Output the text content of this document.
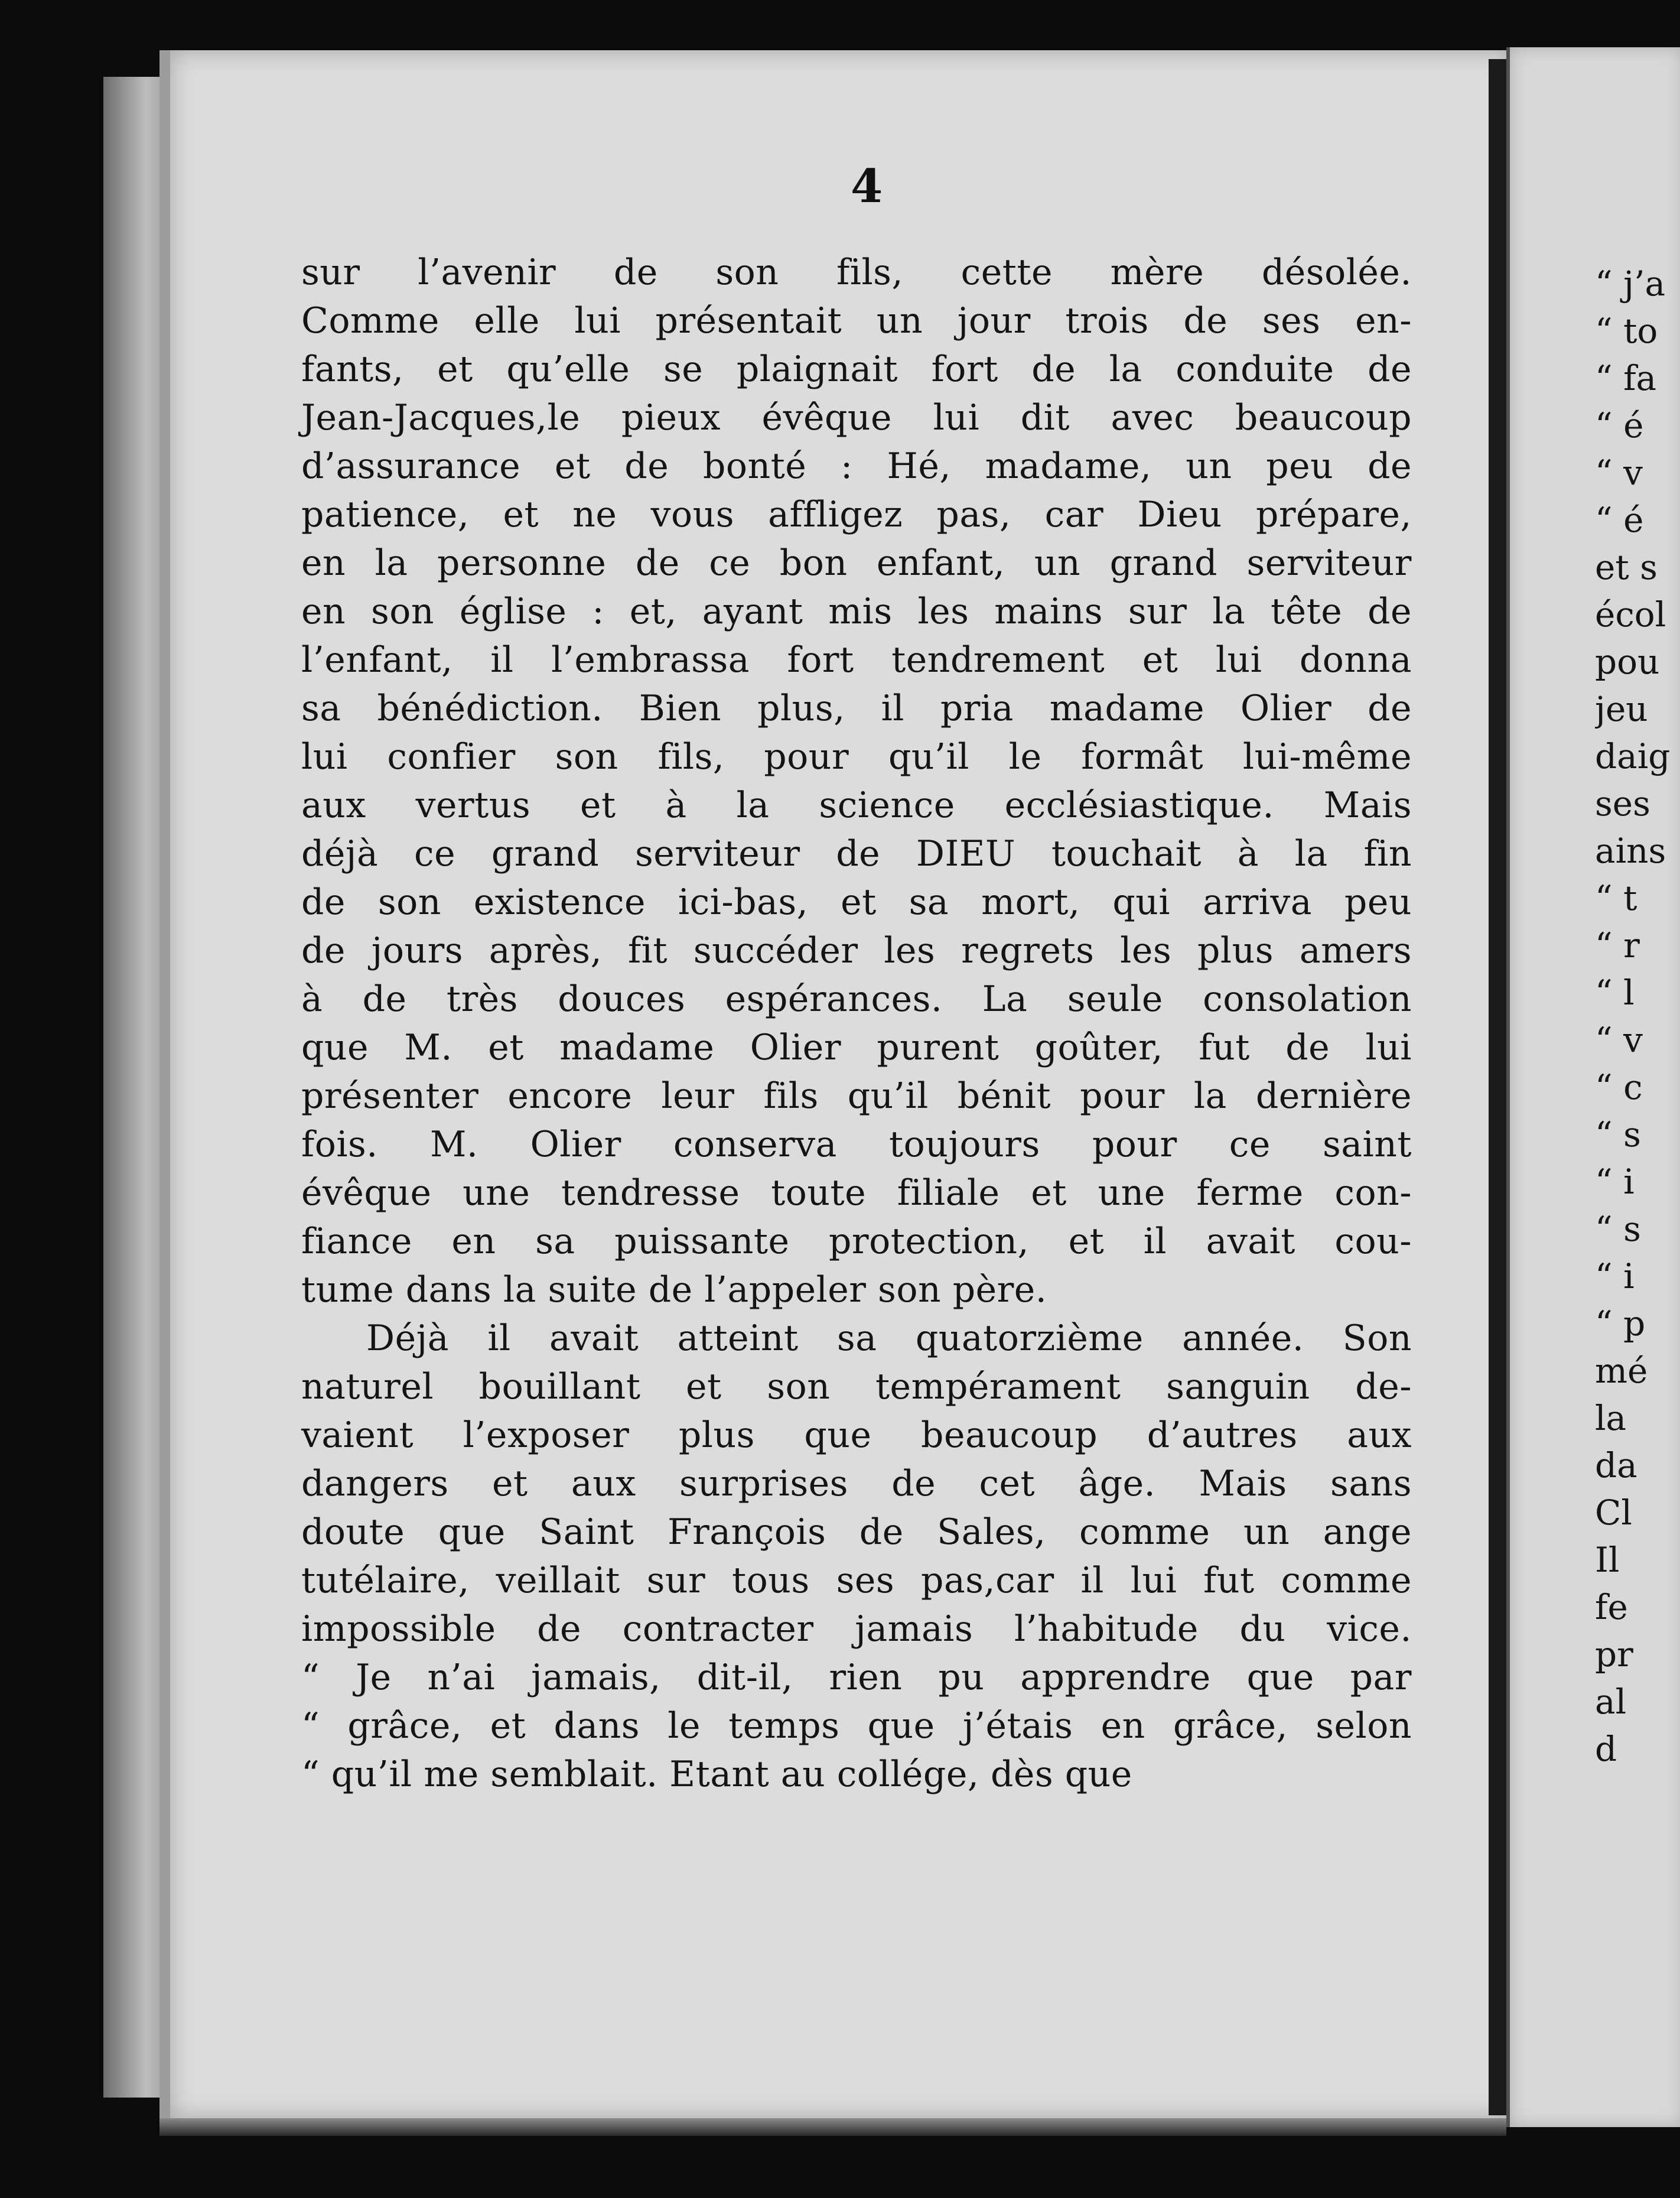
4
sur l’avenir de son fils, cette mère désolée.
Comme elle lui présentait un jour trois de ses en-
fants, et qu’elle se plaignait fort de la conduite de
Jean-Jacques,le pieux évêque lui dit avec beaucoup
d’assurance et de bonté : Hé, madame, un peu de
patience, et ne vous affligez pas, car Dieu prépare,
en la personne de ce bon enfant, un grand serviteur
en son église : et, ayant mis les mains sur la tête de
l’enfant, il l’embrassa fort tendrement et lui donna
sa bénédiction. Bien plus, il pria madame Olier de
lui confier son fils, pour qu’il le formât lui-même
aux vertus et à la science ecclésiastique. Mais
déjà ce grand serviteur de DIEU touchait à la fin
de son existence ici-bas, et sa mort, qui arriva peu
de jours après, fit succéder les regrets les plus amers
à de très douces espérances. La seule consolation
que M. et madame Olier purent goûter, fut de lui
présenter encore leur fils qu’il bénit pour la dernière
fois. M. Olier conserva toujours pour ce saint
évêque une tendresse toute filiale et une ferme con-
fiance en sa puissante protection, et il avait cou-
tume dans la suite de l’appeler son père.
Déjà il avait atteint sa quatorzième année. Son
naturel bouillant et son tempérament sanguin de-
vaient l’exposer plus que beaucoup d’autres aux
dangers et aux surprises de cet âge. Mais sans
doute que Saint François de Sales, comme un ange
tutélaire, veillait sur tous ses pas,car il lui fut comme
impossible de contracter jamais l’habitude du vice.
“ Je n’ai jamais, dit-il, rien pu apprendre que par
“ grâce, et dans le temps que j’étais en grâce, selon
“ qu’il me semblait. Etant au collége, dès que
“ j’a
“ to
“ fa
“ é
“ v
“ é
et s
écol
pou
jeu
daig
ses
ains
“ t
“ r
“ l
“ v
“ c
“ s
“ i
“ s
“ i
“ p
mé
la
da
Cl
Il
fe
pr
al
d
